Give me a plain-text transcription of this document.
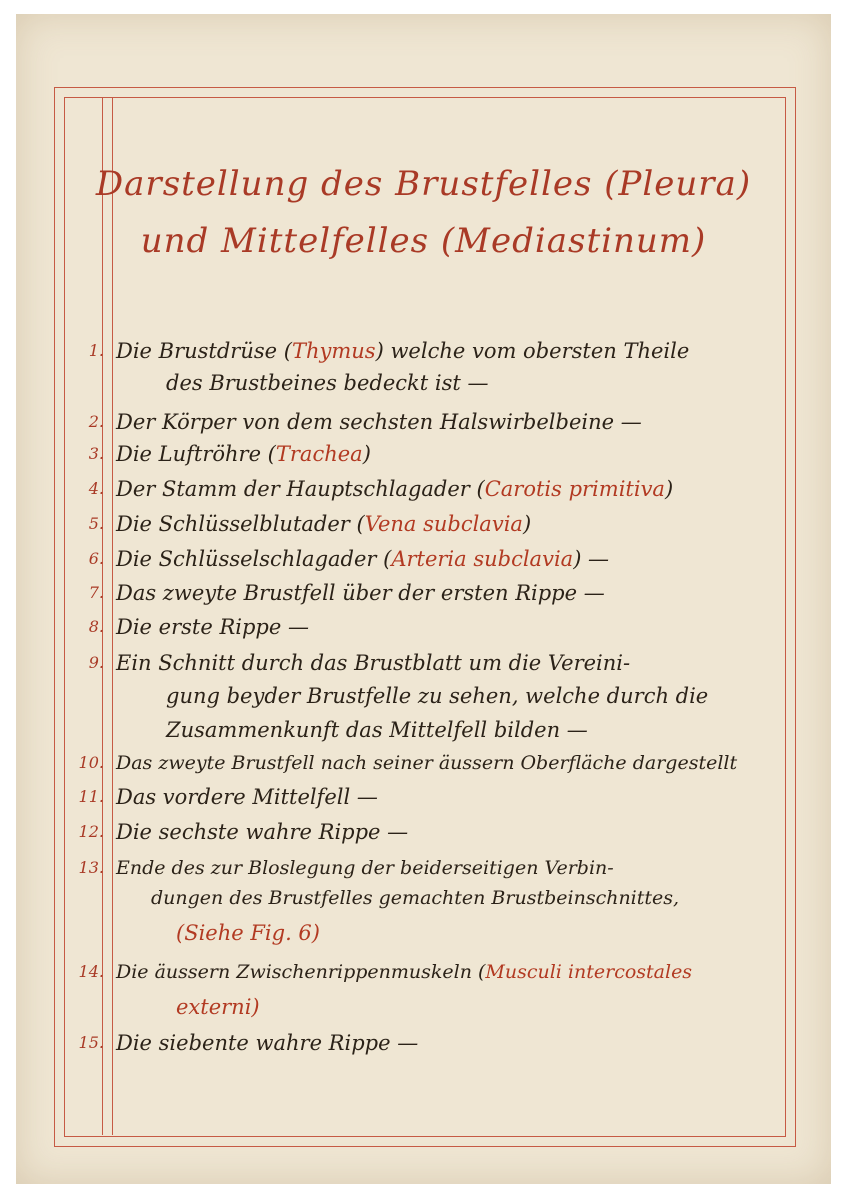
Darstellung des Brustfelles (Pleura)
und Mittelfelles (Mediastinum)
1. Die Brustdrüse (Thymus) welche vom obersten Theile
des Brustbeines bedeckt ist —
2. Der Körper von dem sechsten Halswirbelbeine —
3. Die Luftröhre (Trachea)
4. Der Stamm der Hauptschlagader (Carotis primitiva)
5. Die Schlüsselblutader (Vena subclavia)
6. Die Schlüsselschlagader (Arteria subclavia) —
7. Das zweyte Brustfell über der ersten Rippe —
8. Die erste Rippe —
9. Ein Schnitt durch das Brustblatt um die Vereini-
gung beyder Brustfelle zu sehen, welche durch die
Zusammenkunft das Mittelfell bilden —
10. Das zweyte Brustfell nach seiner äussern Oberfläche dargestellt
11. Das vordere Mittelfell —
12. Die sechste wahre Rippe —
13. Ende des zur Bloslegung der beiderseitigen Verbin-
dungen des Brustfelles gemachten Brustbeinschnittes,
(Siehe Fig. 6)
14. Die äussern Zwischenrippenmuskeln (Musculi intercostales
externi)
15. Die siebente wahre Rippe —
